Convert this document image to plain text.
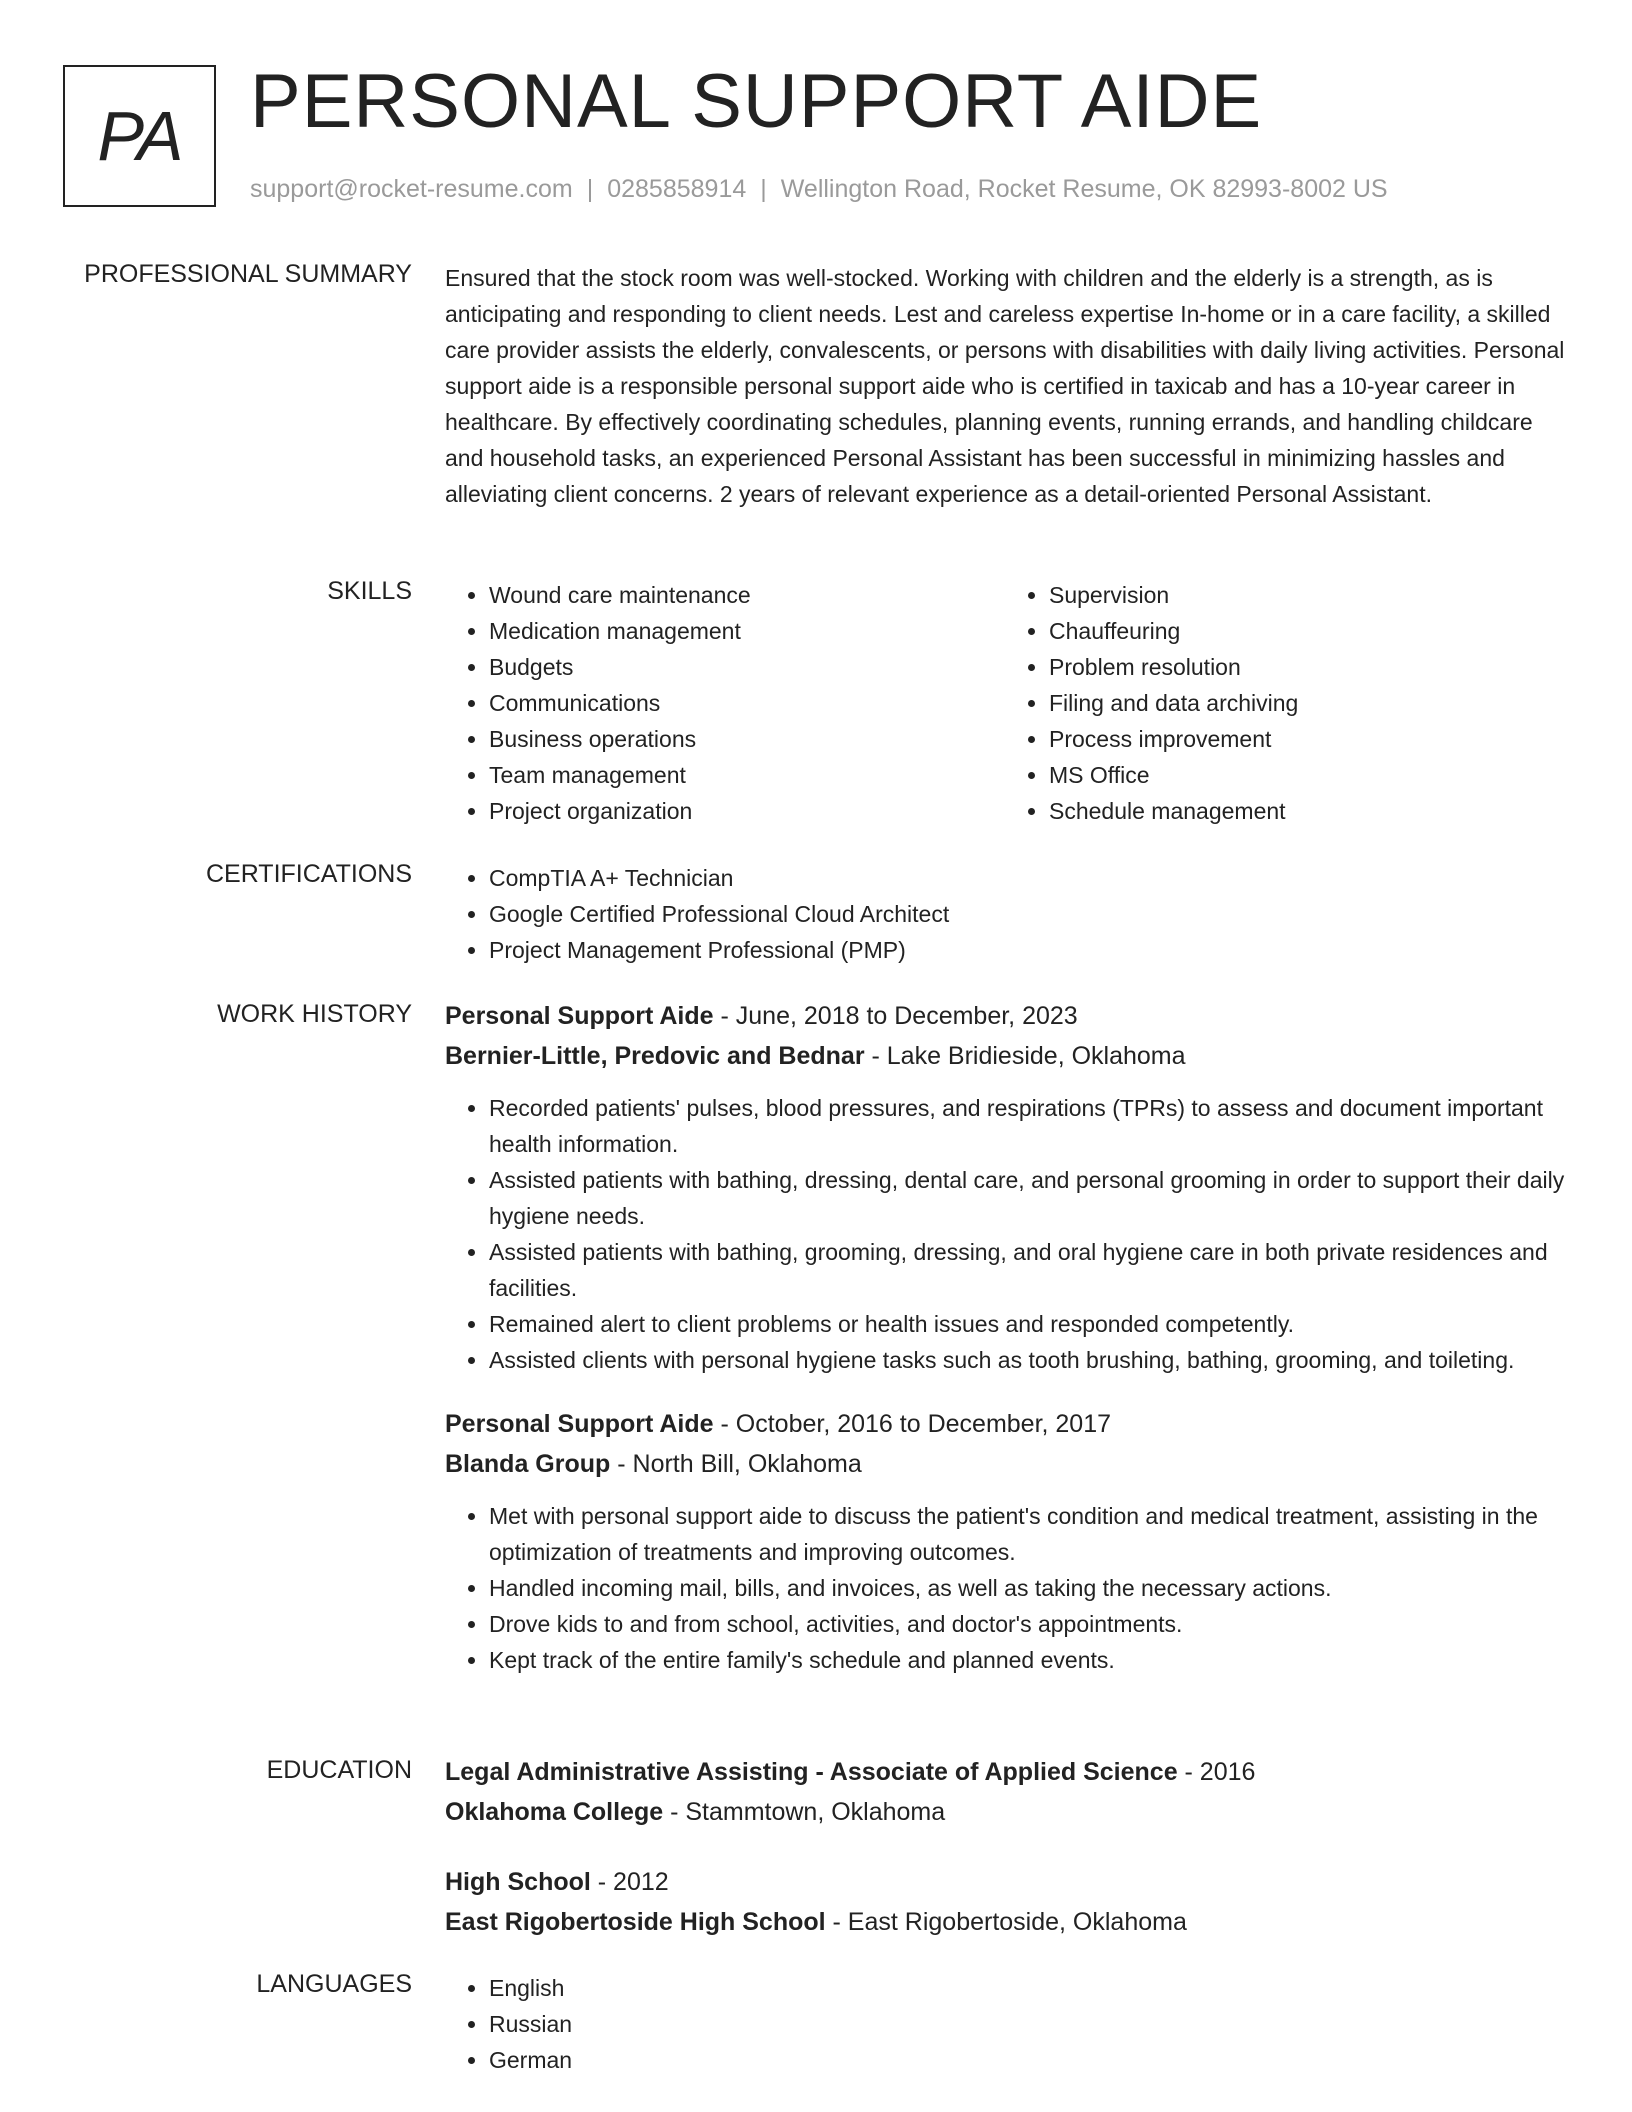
PA PERSONAL SUPPORT AIDE
support@rocket-resume.com | 0285858914 | Wellington Road, Rocket Resume, OK 82993-8002 US
PROFESSIONAL SUMMARY Ensured that the stock room was well-stocked. Working with children and the elderly is a strength, as is anticipating and responding to client needs. Lest and careless expertise In-home or in a care facility, a skilled care provider assists the elderly, convalescents, or persons with disabilities with daily living activities. Personal support aide is a responsible personal support aide who is certified in taxicab and has a 10-year career in healthcare. By effectively coordinating schedules, planning events, running errands, and handling childcare and household tasks, an experienced Personal Assistant has been successful in minimizing hassles and alleviating client concerns. 2 years of relevant experience as a detail-oriented Personal Assistant.

SKILLS	• Wound care maintenance
• Medication management
• Budgets
• Communications
• Business operations
• Team management
• Project organization
• Supervision
• Chauffeuring
• Problem resolution
• Filing and data archiving
• Process improvement
• MS Office
• Schedule management
CERTIFICATIONS	• CompTIA A+ Technician
• Google Certified Professional Cloud Architect
• Project Management Professional (PMP)
WORK HISTORY Personal Support Aide - June, 2018 to December, 2023
Bernier-Little, Predovic and Bednar - Lake Bridieside, Oklahoma
• Recorded patients' pulses, blood pressures, and respirations (TPRs) to assess and document important health information.
• Assisted patients with bathing, dressing, dental care, and personal grooming in order to support their daily hygiene needs.
• Assisted patients with bathing, grooming, dressing, and oral hygiene care in both private residences and facilities.
• Remained alert to client problems or health issues and responded competently.
• Assisted clients with personal hygiene tasks such as tooth brushing, bathing, grooming, and toileting.
Personal Support Aide - October, 2016 to December, 2017
Blanda Group - North Bill, Oklahoma
• Met with personal support aide to discuss the patient's condition and medical treatment, assisting in the optimization of treatments and improving outcomes.
• Handled incoming mail, bills, and invoices, as well as taking the necessary actions.
• Drove kids to and from school, activities, and doctor's appointments.
• Kept track of the entire family's schedule and planned events.
EDUCATION Legal Administrative Assisting - Associate of Applied Science - 2016
Oklahoma College - Stammtown, Oklahoma
High School - 2012
East Rigobertoside High School - East Rigobertoside, Oklahoma
LANGUAGES	• English
• Russian
• German
